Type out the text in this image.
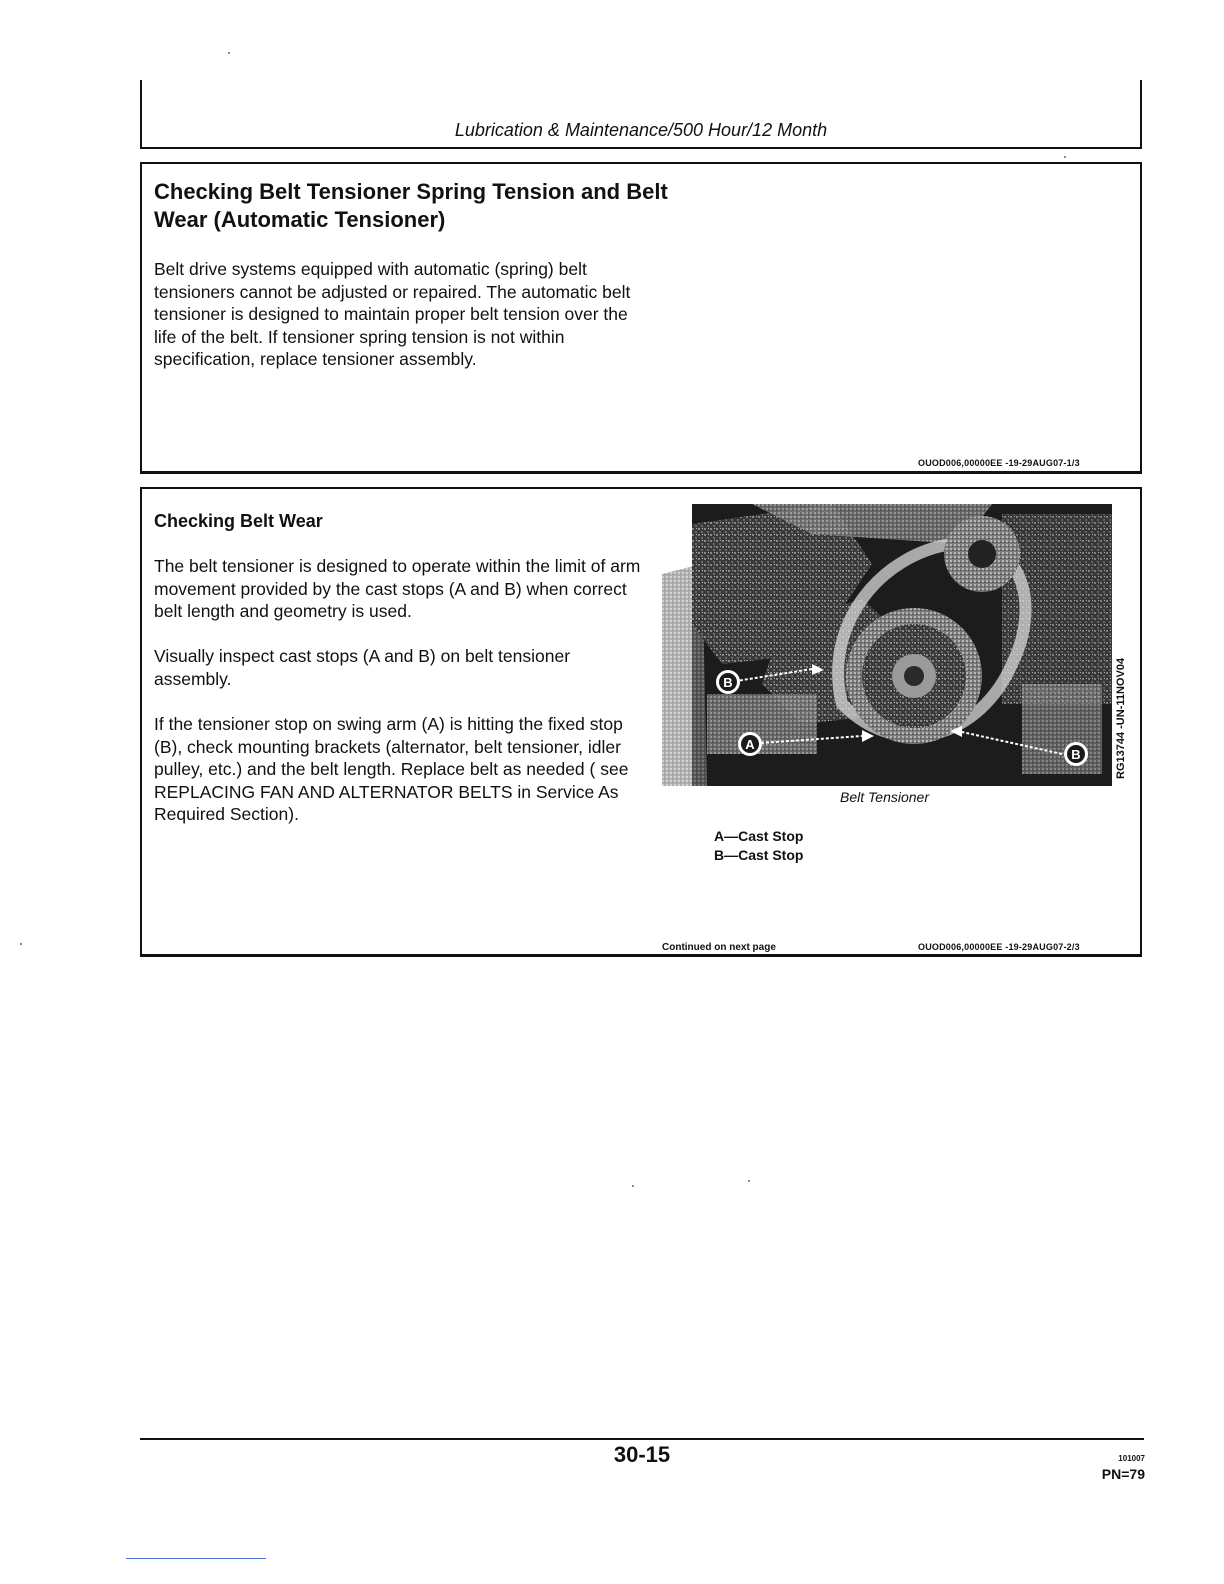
Lubrication & Maintenance/500 Hour/12 Month
Checking Belt Tensioner Spring Tension and Belt Wear (Automatic Tensioner)
Belt drive systems equipped with automatic (spring) belt tensioners cannot be adjusted or repaired. The automatic belt tensioner is designed to maintain proper belt tension over the life of the belt. If tensioner spring tension is not within specification, replace tensioner assembly.
OUOD006,00000EE -19-29AUG07-1/3
Checking Belt Wear
The belt tensioner is designed to operate within the limit of arm movement provided by the cast stops (A and B) when correct belt length and geometry is used.
Visually inspect cast stops (A and B) on belt tensioner assembly.
If the tensioner stop on swing arm (A) is hitting the fixed stop (B), check mounting brackets (alternator, belt tensioner, idler pulley, etc.) and the belt length. Replace belt as needed ( see REPLACING FAN AND ALTERNATOR BELTS in Service As Required Section).
B
A
B	RG13744 -UN-11NOV04
Belt Tensioner
A—Cast Stop
B—Cast Stop
Continued on next page	OUOD006,00000EE -19-29AUG07-2/3
30-15	101007
PN=79
